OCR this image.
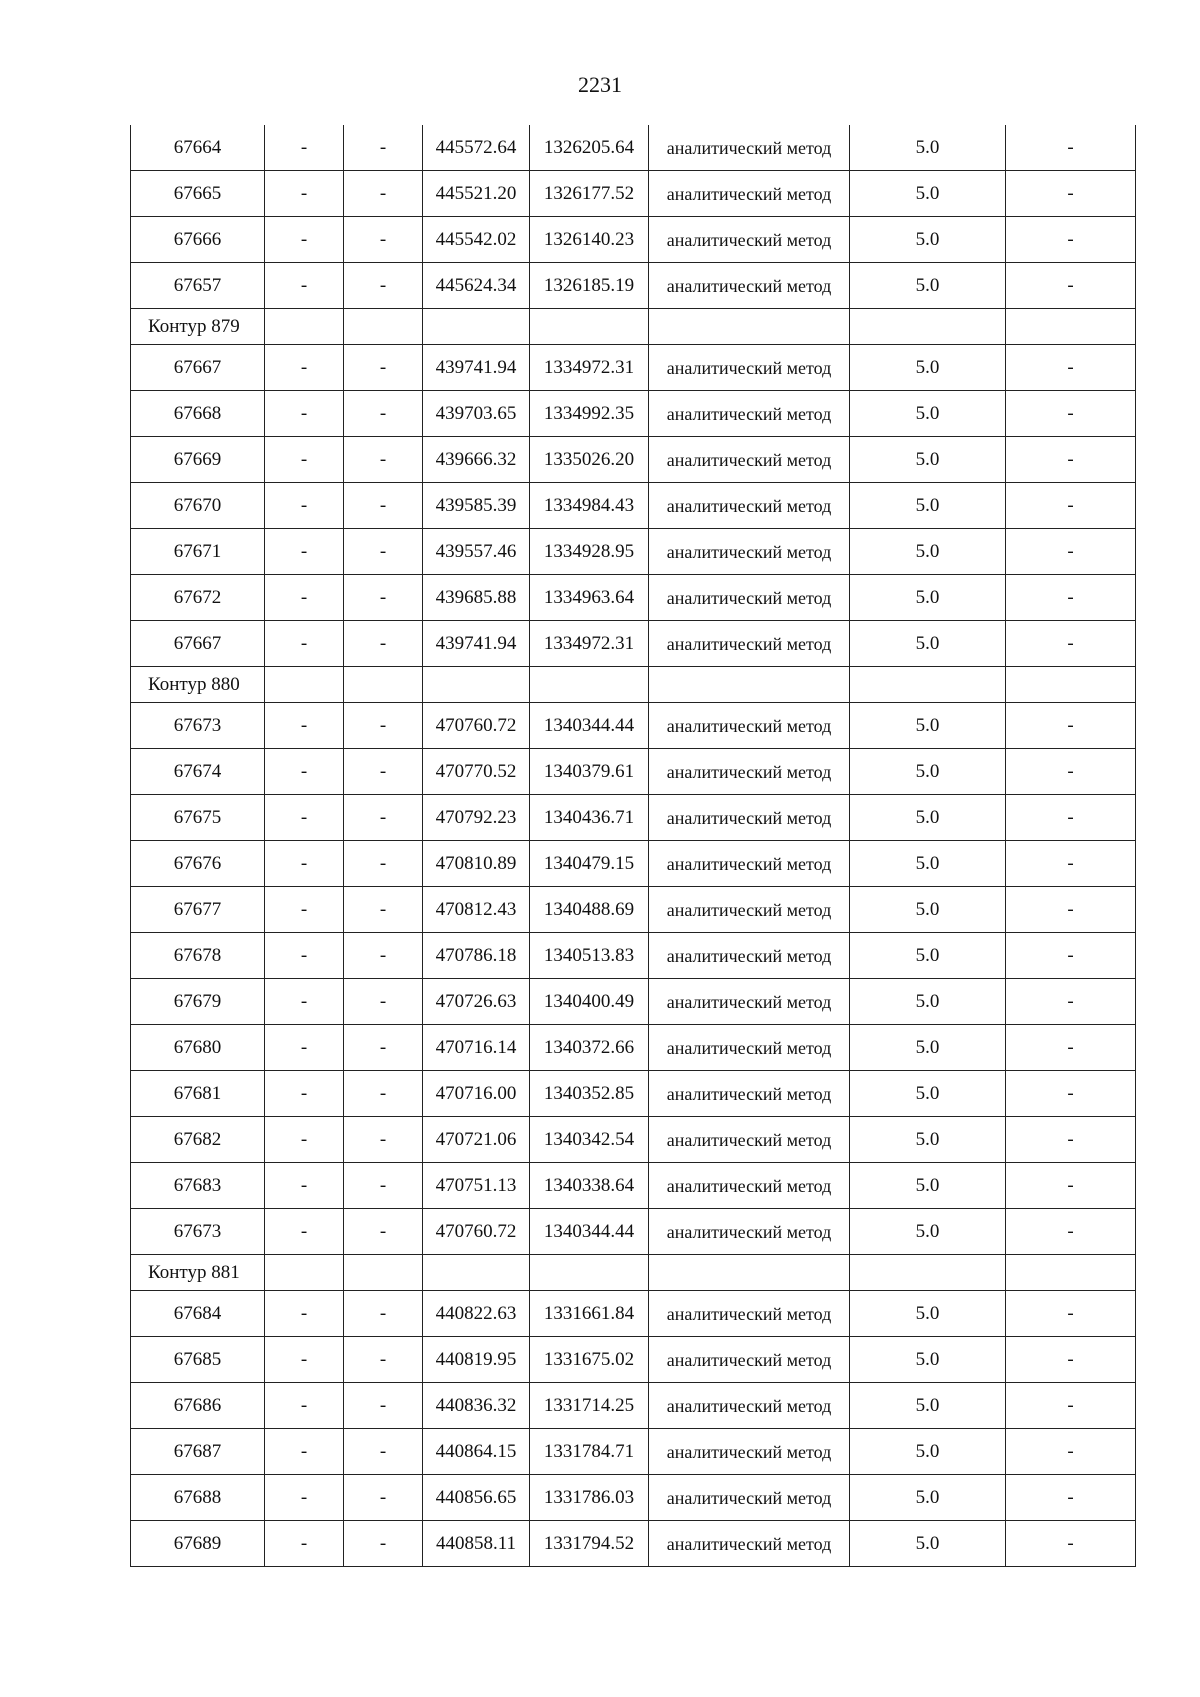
2231
67664	-	-	445572.64	1326205.64	аналитический метод	5.0	-
67665	-	-	445521.20	1326177.52	аналитический метод	5.0	-
67666	-	-	445542.02	1326140.23	аналитический метод	5.0	-
67657	-	-	445624.34	1326185.19	аналитический метод	5.0	-
Контур 879							
67667	-	-	439741.94	1334972.31	аналитический метод	5.0	-
67668	-	-	439703.65	1334992.35	аналитический метод	5.0	-
67669	-	-	439666.32	1335026.20	аналитический метод	5.0	-
67670	-	-	439585.39	1334984.43	аналитический метод	5.0	-
67671	-	-	439557.46	1334928.95	аналитический метод	5.0	-
67672	-	-	439685.88	1334963.64	аналитический метод	5.0	-
67667	-	-	439741.94	1334972.31	аналитический метод	5.0	-
Контур 880							
67673	-	-	470760.72	1340344.44	аналитический метод	5.0	-
67674	-	-	470770.52	1340379.61	аналитический метод	5.0	-
67675	-	-	470792.23	1340436.71	аналитический метод	5.0	-
67676	-	-	470810.89	1340479.15	аналитический метод	5.0	-
67677	-	-	470812.43	1340488.69	аналитический метод	5.0	-
67678	-	-	470786.18	1340513.83	аналитический метод	5.0	-
67679	-	-	470726.63	1340400.49	аналитический метод	5.0	-
67680	-	-	470716.14	1340372.66	аналитический метод	5.0	-
67681	-	-	470716.00	1340352.85	аналитический метод	5.0	-
67682	-	-	470721.06	1340342.54	аналитический метод	5.0	-
67683	-	-	470751.13	1340338.64	аналитический метод	5.0	-
67673	-	-	470760.72	1340344.44	аналитический метод	5.0	-
Контур 881							
67684	-	-	440822.63	1331661.84	аналитический метод	5.0	-
67685	-	-	440819.95	1331675.02	аналитический метод	5.0	-
67686	-	-	440836.32	1331714.25	аналитический метод	5.0	-
67687	-	-	440864.15	1331784.71	аналитический метод	5.0	-
67688	-	-	440856.65	1331786.03	аналитический метод	5.0	-
67689	-	-	440858.11	1331794.52	аналитический метод	5.0	-
